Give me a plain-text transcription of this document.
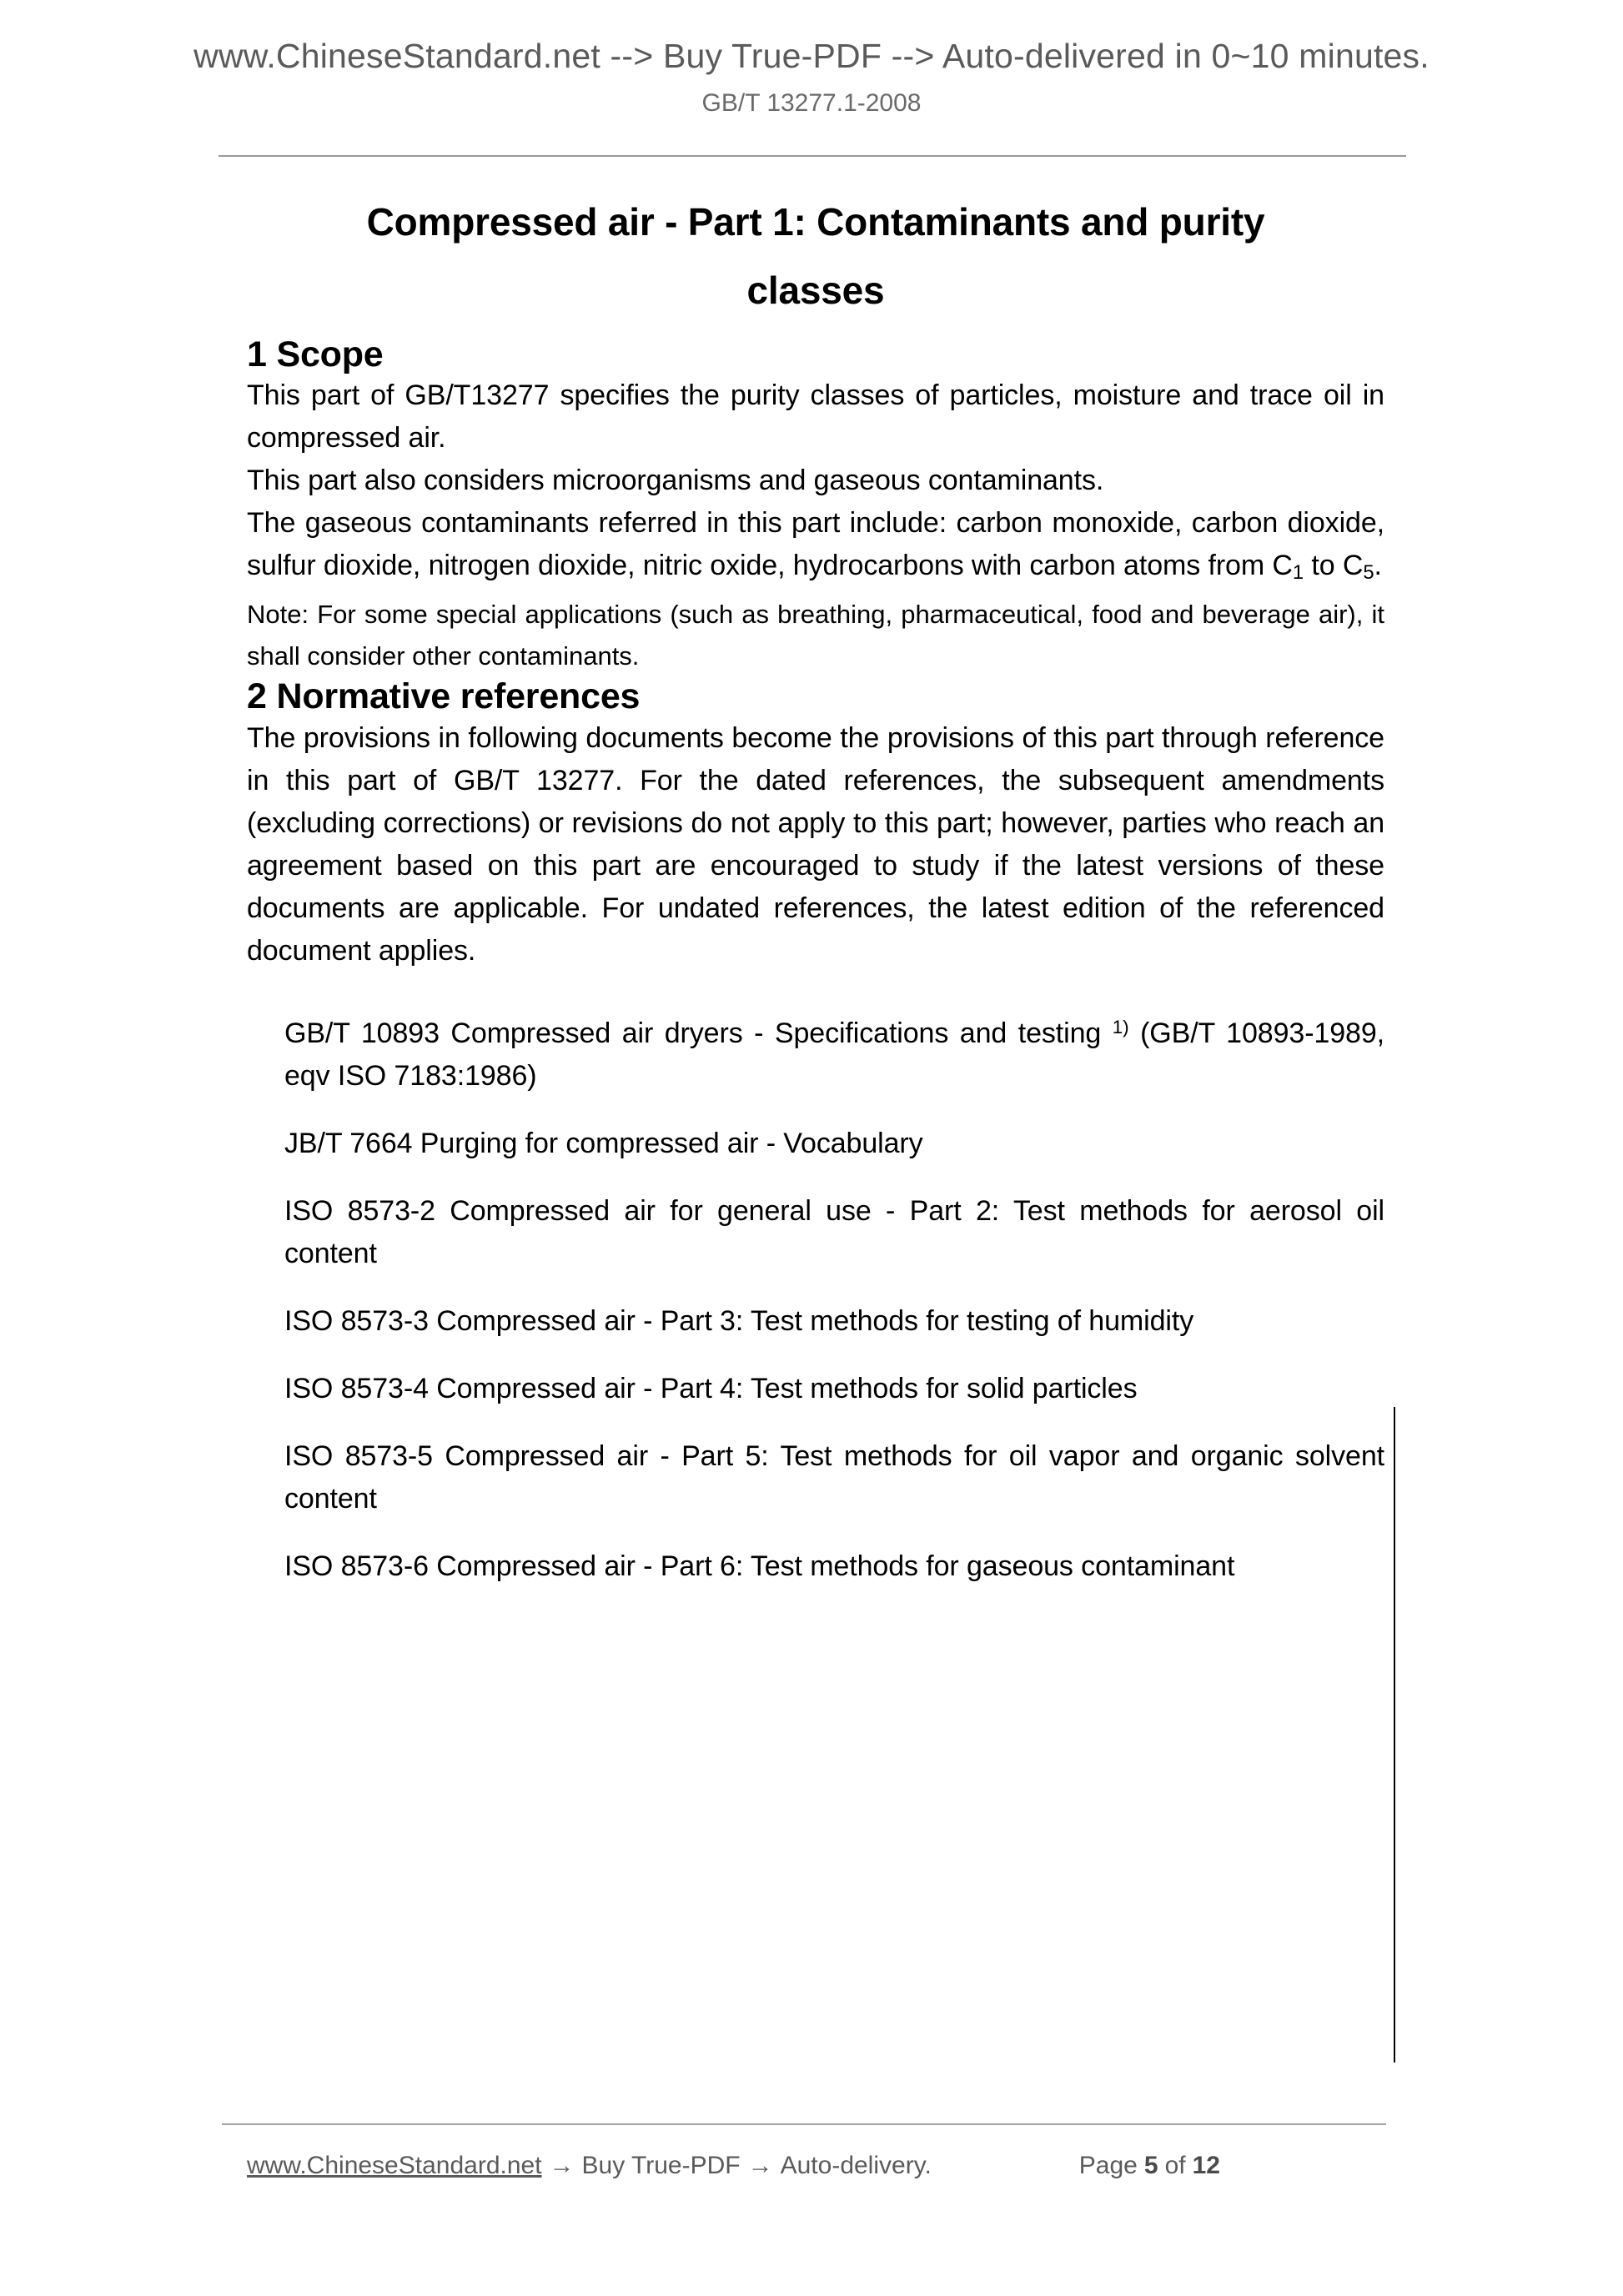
www.ChineseStandard.net --> Buy True-PDF --> Auto-delivered in 0~10 minutes.
GB/T 13277.1-2008
Compressed air - Part 1: Contaminants and purity
classes
1 Scope

This part of GB/T13277 specifies the purity classes of particles, moisture and trace oil in compressed air.

This part also considers microorganisms and gaseous contaminants.

The gaseous contaminants referred in this part include: carbon monoxide, carbon dioxide, sulfur dioxide, nitrogen dioxide, nitric oxide, hydrocarbons with carbon atoms from $C_1$ to $C_5$.

Note: For some special applications (such as breathing, pharmaceutical, food and beverage air), it shall consider other contaminants.

2 Normative references

The provisions in following documents become the provisions of this part through reference in this part of GB/T 13277. For the dated references, the subsequent amendments (excluding corrections) or revisions do not apply to this part; however, parties who reach an agreement based on this part are encouraged to study if the latest versions of these documents are applicable. For undated references, the latest edition of the referenced document applies.

GB/T 10893 Compressed air dryers - Specifications and testing $^{1)}$ (GB/T 10893-1989, eqv ISO 7183:1986)

JB/T 7664 Purging for compressed air - Vocabulary

ISO 8573-2 Compressed air for general use - Part 2: Test methods for aerosol oil content

ISO 8573-3 Compressed air - Part 3: Test methods for testing of humidity

ISO 8573-4 Compressed air - Part 4: Test methods for solid particles

ISO 8573-5 Compressed air - Part 5: Test methods for oil vapor and organic solvent content

ISO 8573-6 Compressed air - Part 6: Test methods for gaseous contaminant

www.ChineseStandard.net → Buy True-PDF → Auto-delivery.	Page 5 of 12
